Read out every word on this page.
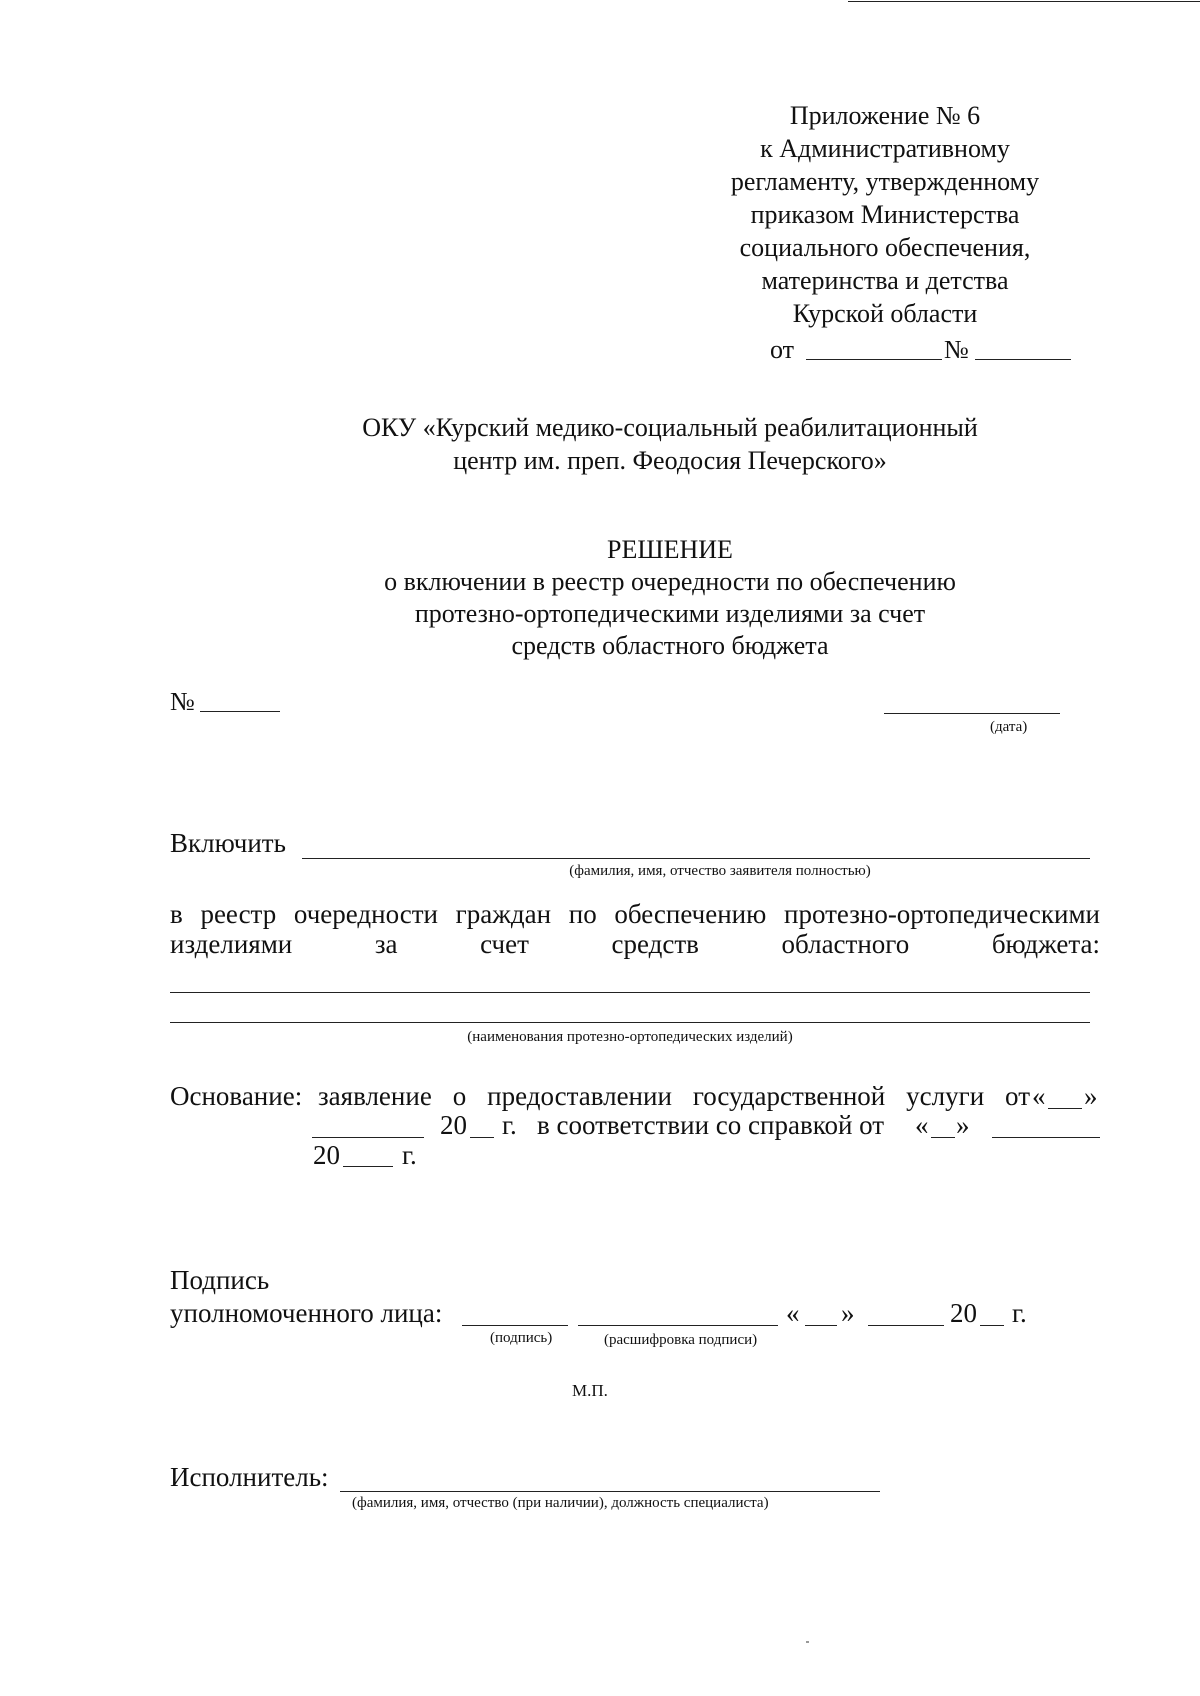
Приложение № 6
к Административному
регламенту, утвержденному
приказом Министерства
социального обеспечения,
материнства и детства
Курской области
от	№
ОКУ «Курский медико-социальный реабилитационный
центр им. преп. Феодосия Печерского»
РЕШЕНИЕ
о включении в реестр очередности по обеспечению
протезно-ортопедическими изделиями за счет
средств областного бюджета
№
(дата)
Включить
(фамилия, имя, отчество заявителя полностью)
в реестр очередности граждан по обеспечению протезно-ортопедическими
изделиями	за	счет	средств	областного	бюджета:
(наименования протезно-ортопедических изделий)
Основание: заявление о предоставлении государственной услуги от « »
20 г. в соответствии со справкой от « »
20 г.
Подпись
уполномоченного лица:	« »	20 г.
(подпись)	(расшифровка подписи)
М.П.
Исполнитель:
(фамилия, имя, отчество (при наличии), должность специалиста)
